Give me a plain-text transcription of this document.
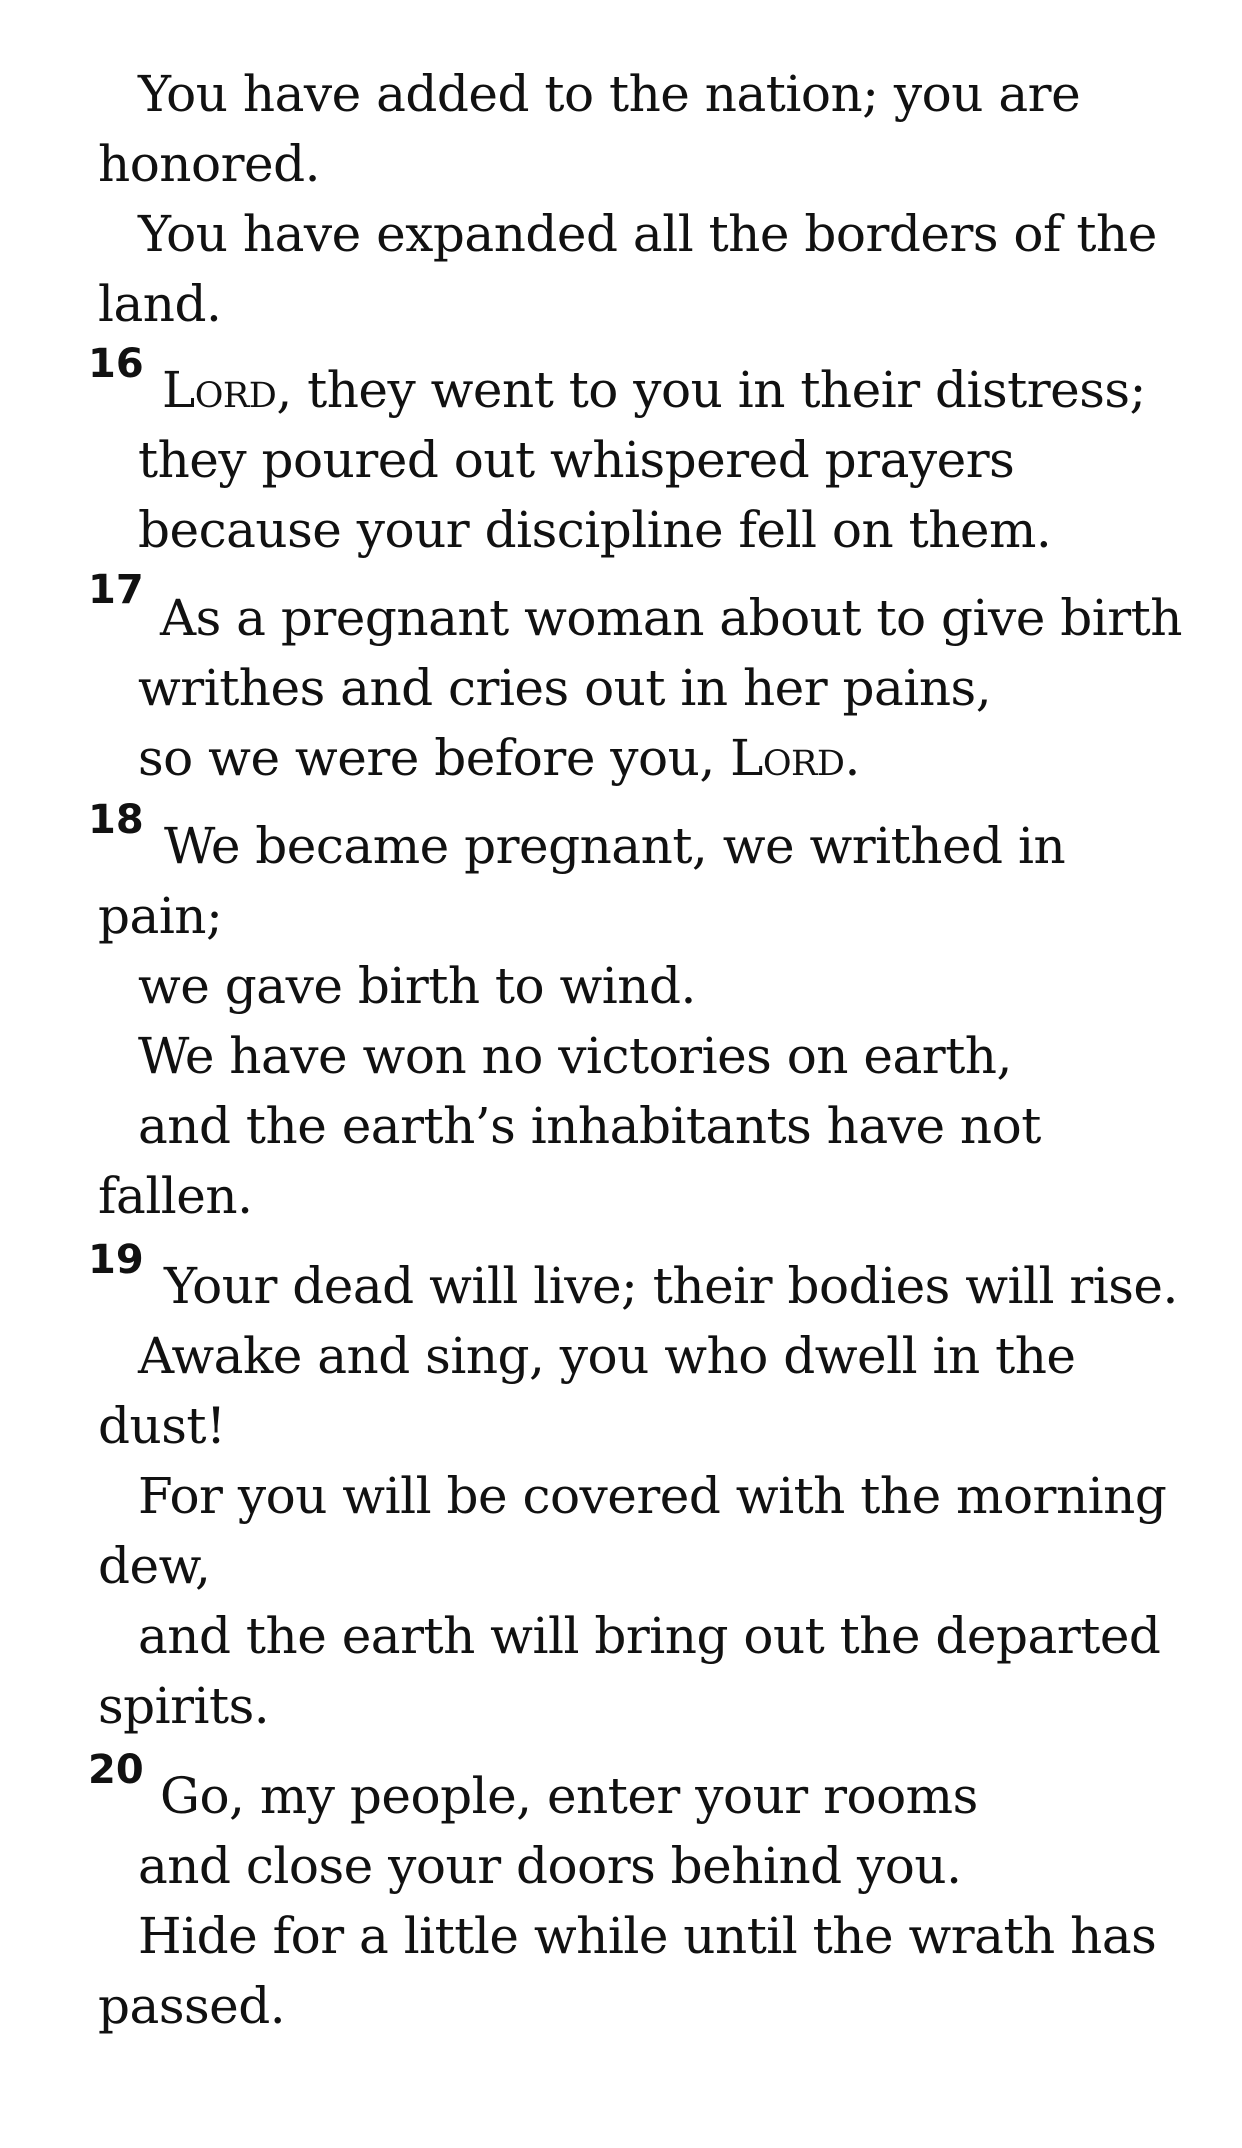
You have added to the nation; you are
honored.
You have expanded all the borders of the
land.
16 Lord, they went to you in their distress;
they poured out whispered prayers
because your discipline fell on them.
17 As a pregnant woman about to give birth
writhes and cries out in her pains,
so we were before you, Lord.
18 We became pregnant, we writhed in
pain;
we gave birth to wind.
We have won no victories on earth,
and the earth’s inhabitants have not
fallen.
19 Your dead will live; their bodies will rise.
Awake and sing, you who dwell in the
dust!
For you will be covered with the morning
dew,
and the earth will bring out the departed
spirits.
20 Go, my people, enter your rooms
and close your doors behind you.
Hide for a little while until the wrath has
passed.
